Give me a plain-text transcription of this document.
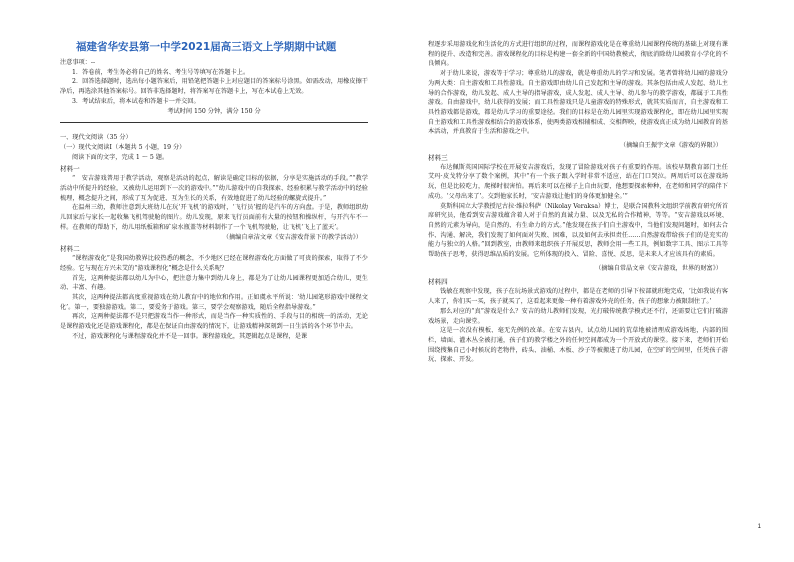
福建省华安县第一中学2021届高三语文上学期期中试题

注意事项：--

1．答卷前，考生务必将自己的姓名、考生号等填写在答题卡上。

2．回答选择题时，选出每小题答案后，用铅笔把答题卡上对应题目的答案标号涂黑。如需改动，用橡皮擦干净后，再选涂其他答案标号。回答非选择题时，将答案写在答题卡上，写在本试卷上无效。

3．考试结束后，将本试卷和答题卡一并交回。

考试时间 150 分钟，满分 150 分

一、现代文阅读（35 分）

（一）现代文阅读Ⅰ（本题共 5 小题，19 分）

阅读下面的文字，完成 1 ～ 5 题。

材料一

“　安吉游戏普用于教学活动，观察是活动的起点，解读是确定目标的依据，分享是实施活动的手段。”“教学活动中所提升的经验，又被幼儿运用到下一次的游戏中。”“幼儿游戏中的自我探索、经验积累与教学活动中的经验梳理，概念提升之间，形成了互为促进、互为生长的关系，有效地促进了幼儿经验的螺旋式提升。”

在温州三幼，教师注意到大班幼儿在玩‘开飞机’的游戏时，‘飞行员’握的是汽车的方向盘。于是，教师组织幼儿回家后与家长一起收集飞机驾驶舱的图片。幼儿发现，原来飞行员面前有大量的按钮和操纵杆，与开汽车不一样。在教师的帮助下，幼儿用纸板箱和矿泉水瓶盖等材料制作了一个飞机驾驶舱，让飞机‘飞上了蓝天’。

（摘编自章洁文章《安吉游戏背景下的教学活动》）

材料二

“课程游戏化”是我国幼教界比较热悉的概念，不少地区已经在课程游戏化方面做了可贵的探索，取得了不少经验。它与现在方兴未艾的“游戏课程化”概念是什么关系呢？

首先，这两种提法都以幼儿为中心，把注意力集中到幼儿身上，都是为了让幼儿园课程更加适合幼儿，更生动、丰富、有趣。

其次，这两种提法都高度重视游戏在幼儿教育中的地位和作用。正如虞永平所说：‘幼儿园笔形游戏中课程文化’。第一，要独游游戏。第二，要爱务于游戏。第三，要学会观察游戏，随后全程指导游戏。”

再次，这两种提法都不是只把游戏当作一种形式，而是当作一种实质性的、手段与目的相统一的活动，无论是课程游戏化还是游戏课程化，都是在保证自由游戏的情况下，让游戏精神深刻到一日生活的各个环节中去。

不过，游戏课程化与课程游戏化并不是一回事。课程游戏化，其逻辑起点是课程，是课

程逐步采用游戏化和生活化的方式进行组织的过程，而课程游戏化是在尊重幼儿园课程传统的基础上对现有课程的提升、改造和完善。游戏课程化的目标是构建一套全新的中国幼教模式，彻底消除幼儿园教育小学化的不良倾向。

对于幼儿来说，游戏等于学习；尊重幼儿的游戏，就是尊重幼儿的学习和发展。笔者曾将幼儿园的游戏分为两大类：自主游戏和工具性游戏。自主游戏即由幼儿自己发起和主导的游戏。其条包括由成人发起、幼儿主导的合作游戏，幼儿发起、成人主导的指导游戏，成人发起、成人主导、幼儿参与的教学游戏，都属于工具性游戏。自由游戏中，幼儿获得的发展；而工具性游戏只是儿童游戏的特殊形式，就其实质而言，自主游戏和工具性游戏都是游戏，都是幼儿学习的重要途径。我们的目标是在幼儿园里实现游戏课程化，即在幼儿园里实现自主游戏和工具性游戏相结合的游戏体系，使两类游戏相辅相成、交相辉映，使游戏真正成为幼儿园教育的基本活动，并真教育于生活和游戏之中。

（摘编自王振宇文章《游戏的界限》）

材料三

布达佩斯英国国际学校在开展安吉游戏后，发现了冒险游戏对孩子有重要的作用。该校早期教育部门主任艾玛·皮戈特分享了数个案例，其中“有一个孩子跟入学时非常不适应，站在门口哭泣。两周后可以在游戏场玩，但是比较吃力，爬梯时很害怕。再后来可以在梯子上自由玩要，他想要探索种种，在老师和同学的陪伴下成功。‘父母出来了’。交到他家长时，‘安吉游戏让他们的身体更加健全。’”

莫斯科国立大学教授尼古拉·维拉科萨（Nikolay Veraksa）博士，是联合国教科文组织学前教育研究所首席研究员，他看到安吉游戏蕴含着人对于自然的真诚力量、以及无私的合作精神，等等。“安吉游戏以环境、自然的元素为导向，是自然的、有生命力的方式。”他发现在孩子们自主游戏中，当他们发现问题时，如何去合作、沟通、解决，我们发现了如何面对失败、困难，以及如何去承担责任……自然游戏带给孩子们的是充实的能力与独立的人格。”回到教室，由教师来组织孩子开展反思，教师会用一些工具，例如数字工具、图示工具等帮助孩子思考，获得思维品质的发展。它所体现的投入、冒险、喜悦、反思，是未来人才应该具有的素质。

（摘编自常晶文章《安吉游戏，世界的财富》）

材料四

钱敏在观察中发现，孩子在玩场景式游戏的过程中，都是在老师的引导下按部就班地完成，‘比如我说有客人来了，你们买一买，孩子就买了，这看起来更像一种有着游戏外壳的任务，孩子的想象力被限制住了。’

那么对应的“真”游戏是什么？安吉的幼儿教师们发现，光打破传统教学模式还不行，还需要让它们打破游戏场景，走向课堂。

这是一次没有模板、毫无先例的改革。在安吉县内，试点幼儿园的荒草地被清理成游戏场地，内部的围栏，墙面、灌木丛全被打通，孩子们的教学楼之外的任何空间都成为一个开放式的课堂。接下来，老师们开始围绕搜集自己小时候玩的老物件，砖头、油桶、木板、沙子等被搬进了幼儿园，在空旷的空间里，任凭孩子游玩、探索、开发。

1
